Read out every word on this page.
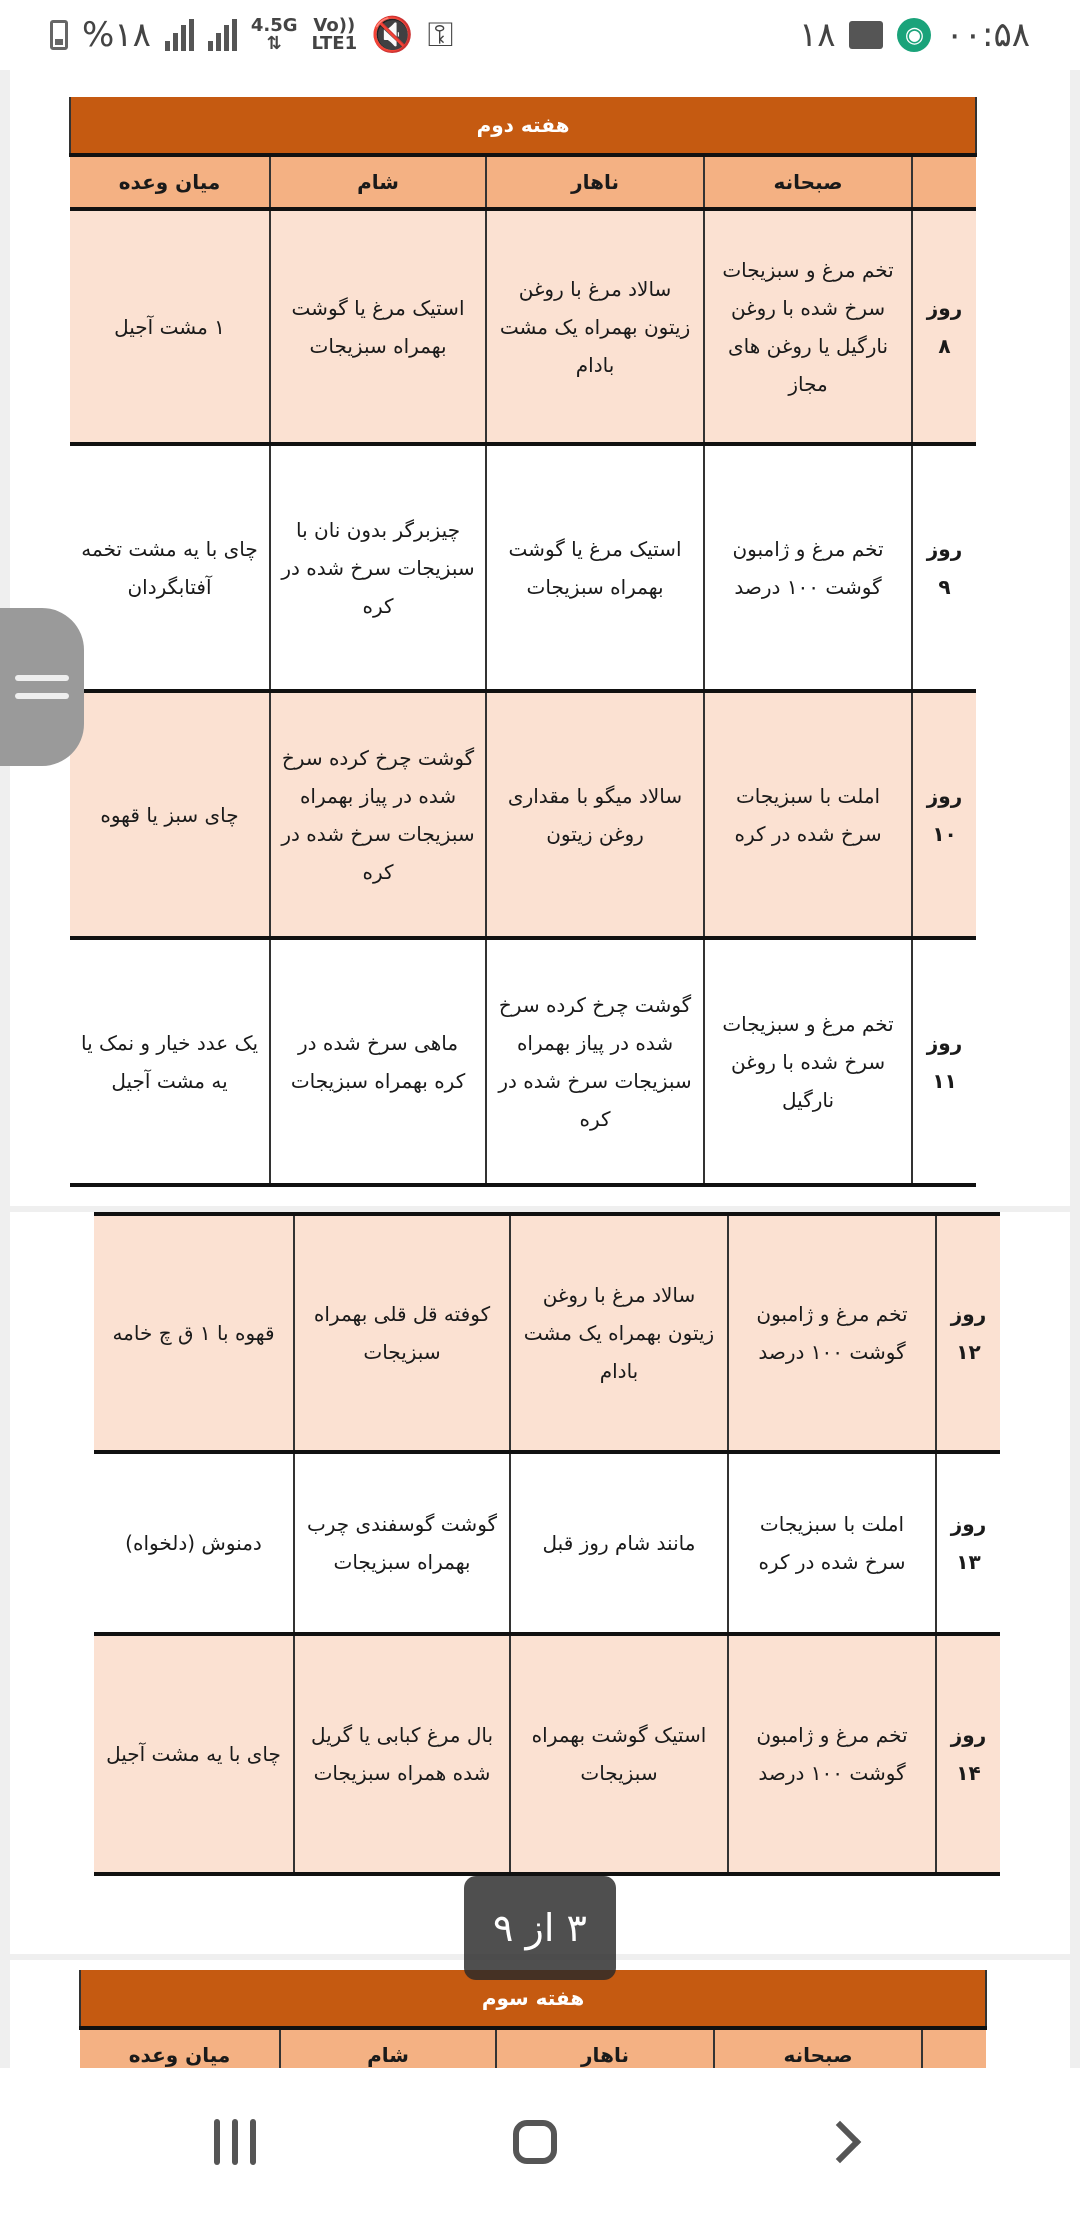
%۱۸	4.5G
⇅
Vo))
LTE1 🔇 ⚿	۱۸	◉ ۰۰:۵۸
هفته دوم				
	صبحانه	ناهار	شام	میان وعده
روز ۸	تخم مرغ و سبزیجات سرخ شده با روغن نارگیل یا روغن های مجاز	سالاد مرغ با روغن زیتون بهمراه یک مشت بادام	استیک مرغ یا گوشت بهمراه سبزیجات	۱ مشت آجیل
روز ۹	تخم مرغ و ژامبون گوشت ۱۰۰ درصد	استیک مرغ یا گوشت بهمراه سبزیجات	چیزبرگر بدون نان با سبزیجات سرخ شده در کره	چای با یه مشت تخمه آفتابگردان
روز ۱۰	املت با سبزیجات سرخ شده در کره	سالاد میگو با مقداری روغن زیتون	گوشت چرخ کرده سرخ شده در پیاز بهمراه سبزیجات سرخ شده در کره	چای سبز یا قهوه
روز ۱۱	تخم مرغ و سبزیجات سرخ شده با روغن نارگیل	گوشت چرخ کرده سرخ شده در پیاز بهمراه سبزیجات سرخ شده در کره	ماهی سرخ شده در کره بهمراه سبزیجات	یک عدد خیار و نمک یا یه مشت آجیل
روز ۱۲	تخم مرغ و ژامبون گوشت ۱۰۰ درصد	سالاد مرغ با روغن زیتون بهمراه یک مشت بادام	کوفته قل قلی بهمراه سبزیجات	قهوه با ۱ ق چ خامه
روز ۱۳	املت با سبزیجات سرخ شده در کره	مانند شام روز قبل	گوشت گوسفندی چرب بهمراه سبزیجات	دمنوش (دلخواه)
روز ۱۴	تخم مرغ و ژامبون گوشت ۱۰۰ درصد	استیک گوشت بهمراه سبزیجات	بال مرغ کبابی یا گریل شده همراه سبزیجات	چای با یه مشت آجیل
هفته سوم
	صبحانه	ناهار	شام	میان وعده
۳ از ۹
